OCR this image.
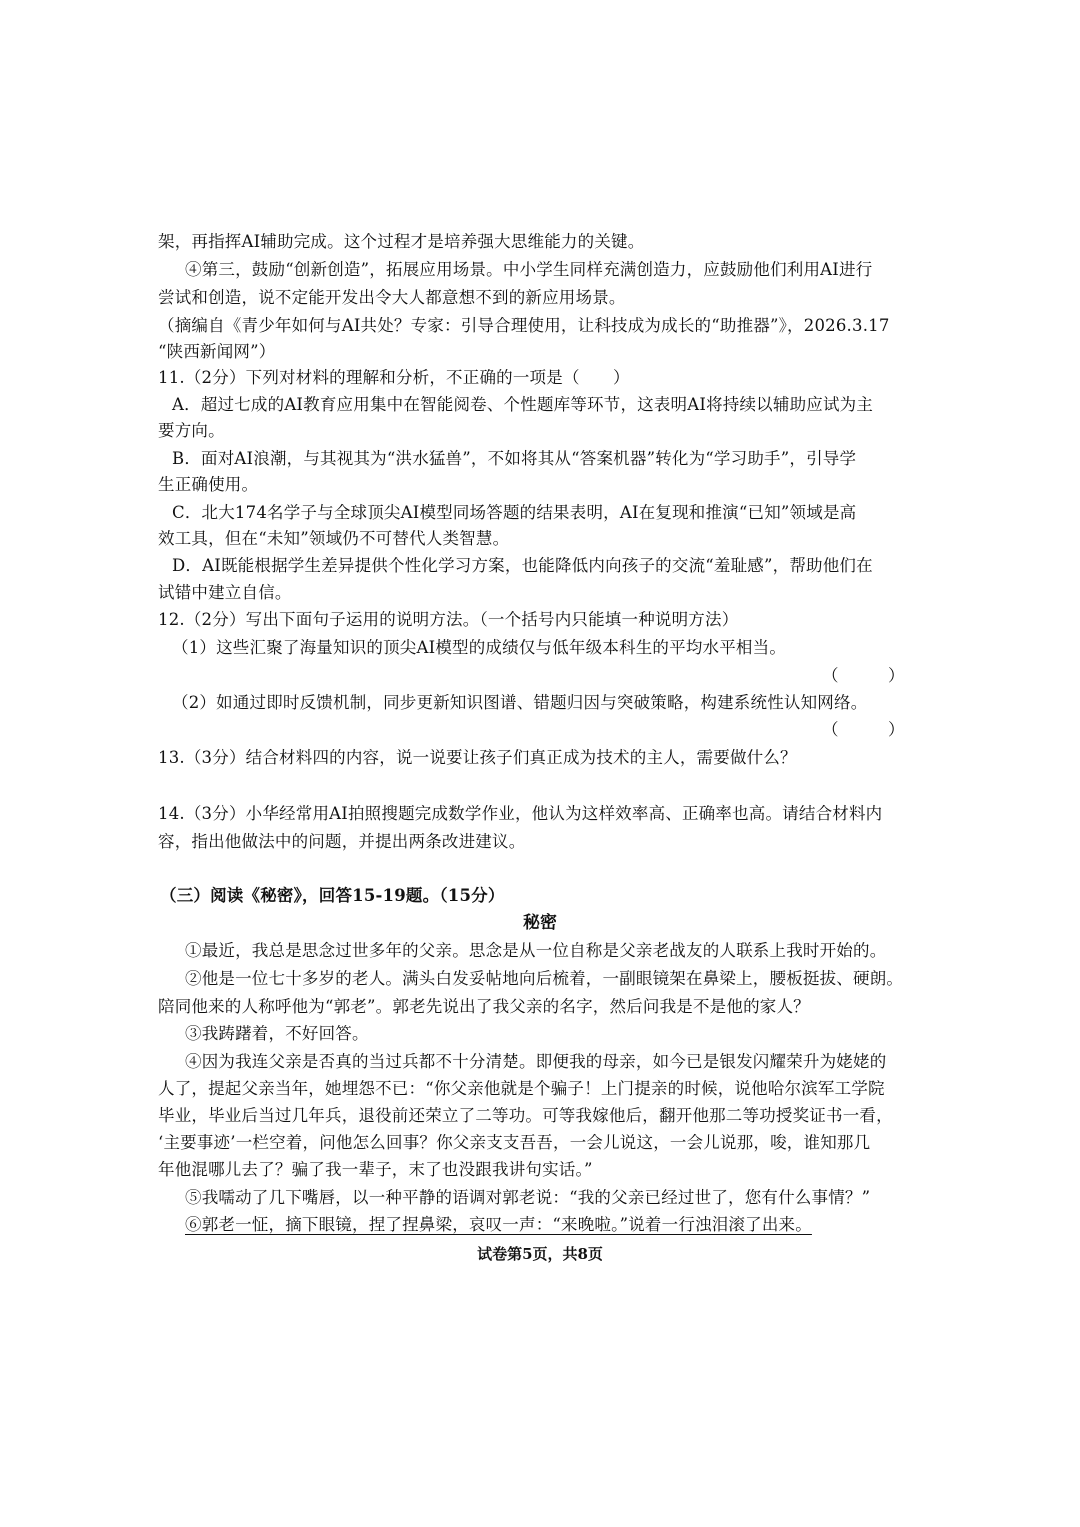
架，再指挥AI辅助完成。这个过程才是培养强大思维能力的关键。
④第三，鼓励“创新创造”，拓展应用场景。中小学生同样充满创造力，应鼓励他们利用AI进行
尝试和创造，说不定能开发出令大人都意想不到的新应用场景。
（摘编自《青少年如何与AI共处？专家：引导合理使用，让科技成为成长的“助推器”》，2026.3.17
“陕西新闻网”）
11.（2分）下列对材料的理解和分析，不正确的一项是（　　）
A．超过七成的AI教育应用集中在智能阅卷、个性题库等环节，这表明AI将持续以辅助应试为主
要方向。
B．面对AI浪潮，与其视其为“洪水猛兽”，不如将其从“答案机器”转化为“学习助手”，引导学
生正确使用。
C．北大174名学子与全球顶尖AI模型同场答题的结果表明，AI在复现和推演“已知”领域是高
效工具，但在“未知”领域仍不可替代人类智慧。
D．AI既能根据学生差异提供个性化学习方案，也能降低内向孩子的交流“羞耻感”，帮助他们在
试错中建立自信。
12.（2分）写出下面句子运用的说明方法。（一个括号内只能填一种说明方法）
（1）这些汇聚了海量知识的顶尖AI模型的成绩仅与低年级本科生的平均水平相当。
（　　　）
（2）如通过即时反馈机制，同步更新知识图谱、错题归因与突破策略，构建系统性认知网络。
（　　　）
13.（3分）结合材料四的内容，说一说要让孩子们真正成为技术的主人，需要做什么？
14.（3分）小华经常用AI拍照搜题完成数学作业，他认为这样效率高、正确率也高。请结合材料内
容，指出他做法中的问题，并提出两条改进建议。
（三）阅读《秘密》，回答15-19题。（15分）
秘密
①最近，我总是思念过世多年的父亲。思念是从一位自称是父亲老战友的人联系上我时开始的。
②他是一位七十多岁的老人。满头白发妥帖地向后梳着，一副眼镜架在鼻梁上，腰板挺拔、硬朗。
陪同他来的人称呼他为“郭老”。郭老先说出了我父亲的名字，然后问我是不是他的家人？
③我踌躇着，不好回答。
④因为我连父亲是否真的当过兵都不十分清楚。即便我的母亲，如今已是银发闪耀荣升为姥姥的
人了，提起父亲当年，她埋怨不已：“你父亲他就是个骗子！上门提亲的时候，说他哈尔滨军工学院
毕业，毕业后当过几年兵，退役前还荣立了二等功。可等我嫁他后，翻开他那二等功授奖证书一看，
‘主要事迹’一栏空着，问他怎么回事？你父亲支支吾吾，一会儿说这，一会儿说那，唆，谁知那几
年他混哪儿去了？骗了我一辈子，末了也没跟我讲句实话。”
⑤我嚅动了几下嘴唇，以一种平静的语调对郭老说：“我的父亲已经过世了，您有什么事情？”
⑥郭老一怔，摘下眼镜，捏了捏鼻梁，哀叹一声：“来晚啦。”说着一行浊泪滚了出来。
试卷第5页，共8页
